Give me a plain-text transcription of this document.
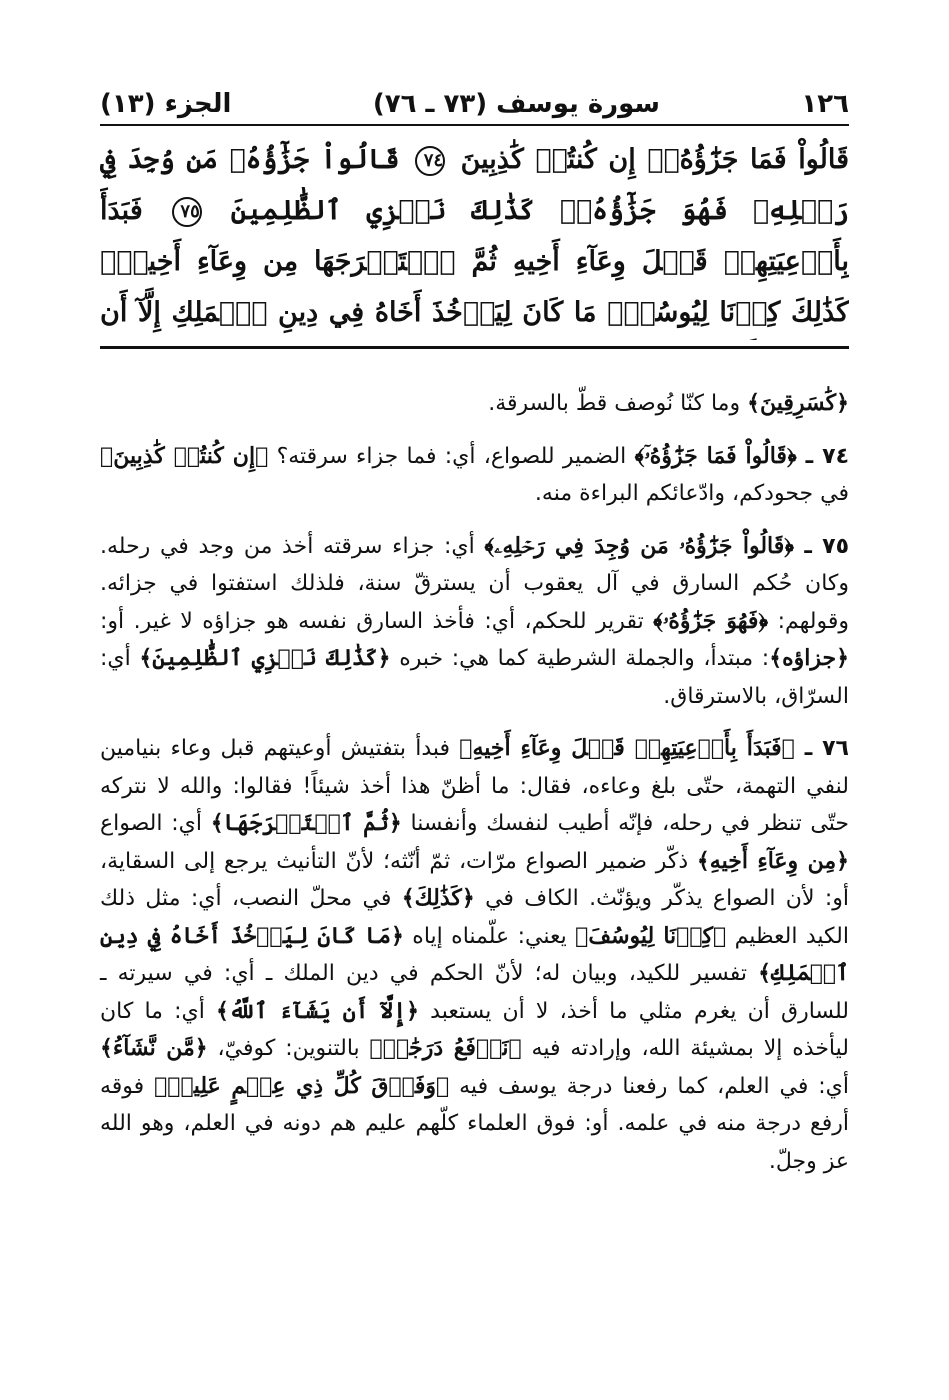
١٢٦
سورة يوسف (٧٣ ـ ٧٦)
الجزء (١٣)
قَالُواْ فَمَا جَزَٰٓؤُهُۥٓ إِن كُنتُمۡ كَٰذِبِينَ ٧٤ قَالُواْ جَزَٰٓؤُهُۥ مَن وُجِدَ فِي رَحۡلِهِۦ فَهُوَ جَزَٰٓؤُهُۥۚ كَذَٰلِكَ نَجۡزِي ٱلظَّٰلِمِينَ ٧٥ فَبَدَأَ بِأَوۡعِيَتِهِمۡ قَبۡلَ وِعَآءِ أَخِيهِ ثُمَّ ٱسۡتَخۡرَجَهَا مِن وِعَآءِ أَخِيهِۚ كَذَٰلِكَ كِدۡنَا لِيُوسُفَۖ مَا كَانَ لِيَأۡخُذَ أَخَاهُ فِي دِينِ ٱلۡمَلِكِ إِلَّآ أَن

﴿كَٰسَرِقِينَ﴾ وما كنّا نُوصف قطّ بالسرقة.

٧٤ ـ ﴿قَالُواْ فَمَا جَزَٰٓؤُهُۥٓ﴾ الضمير للصواع، أي: فما جزاء سرقته؟ ﴿إِن كُنتُمۡ كَٰذِبِينَ﴾ في جحودكم، وادّعائكم البراءة منه.

٧٥ ـ ﴿قَالُواْ جَزَٰٓؤُهُۥ مَن وُجِدَ فِي رَحۡلِهِۦ﴾ أي: جزاء سرقته أخذ من وجد في رحله. وكان حُكم السارق في آل يعقوب أن يسترقّ سنة، فلذلك استفتوا في جزائه. وقولهم: ﴿فَهُوَ جَزَٰٓؤُهُۥ﴾ تقرير للحكم، أي: فأخذ السارق نفسه هو جزاؤه لا غير. أو: ﴿جزاؤه﴾: مبتدأ، والجملة الشرطية كما هي: خبره ﴿كَذَٰلِكَ نَجۡزِي ٱلظَّٰلِمِينَ﴾ أي: السرّاق، بالاسترقاق.

٧٦ ـ ﴿فَبَدَأَ بِأَوۡعِيَتِهِمۡ قَبۡلَ وِعَآءِ أَخِيهِ﴾ فبدأ بتفتيش أوعيتهم قبل وعاء بنيامين لنفي التهمة، حتّى بلغ وعاءه، فقال: ما أظنّ هذا أخذ شيئاً! فقالوا: والله لا نتركه حتّى تنظر في رحله، فإنّه أطيب لنفسك وأنفسنا ﴿ثُمَّ ٱسۡتَخۡرَجَهَا﴾ أي: الصواع ﴿مِن وِعَآءِ أَخِيهِ﴾ ذكّر ضمير الصواع مرّات، ثمّ أنّثه؛ لأنّ التأنيث يرجع إلى السقاية، أو: لأن الصواع يذكّر ويؤنّث. الكاف في ﴿كَذَٰلِكَ﴾ في محلّ النصب، أي: مثل ذلك الكيد العظيم ﴿كِدۡنَا لِيُوسُفَ﴾ يعني: علّمناه إياه ﴿مَا كَانَ لِيَأۡخُذَ أَخَاهُ فِي دِينِ ٱلۡمَلِكِ﴾ تفسير للكيد، وبيان له؛ لأنّ الحكم في دين الملك ـ أي: في سيرته ـ للسارق أن يغرم مثلي ما أخذ، لا أن يستعبد ﴿إِلَّآ أَن يَشَآءَ ٱللَّهُ﴾ أي: ما كان ليأخذه إلا بمشيئة الله، وإرادته فيه ﴿نَرۡفَعُ دَرَجَٰتٖ﴾ بالتنوين: كوفيّ، ﴿مَّن نَّشَآءُ﴾ أي: في العلم، كما رفعنا درجة يوسف فيه ﴿وَفَوۡقَ كُلِّ ذِي عِلۡمٍ عَلِيمٞ﴾ فوقه أرفع درجة منه في علمه. أو: فوق العلماء كلّهم عليم هم دونه في العلم، وهو الله عز وجلّ.
